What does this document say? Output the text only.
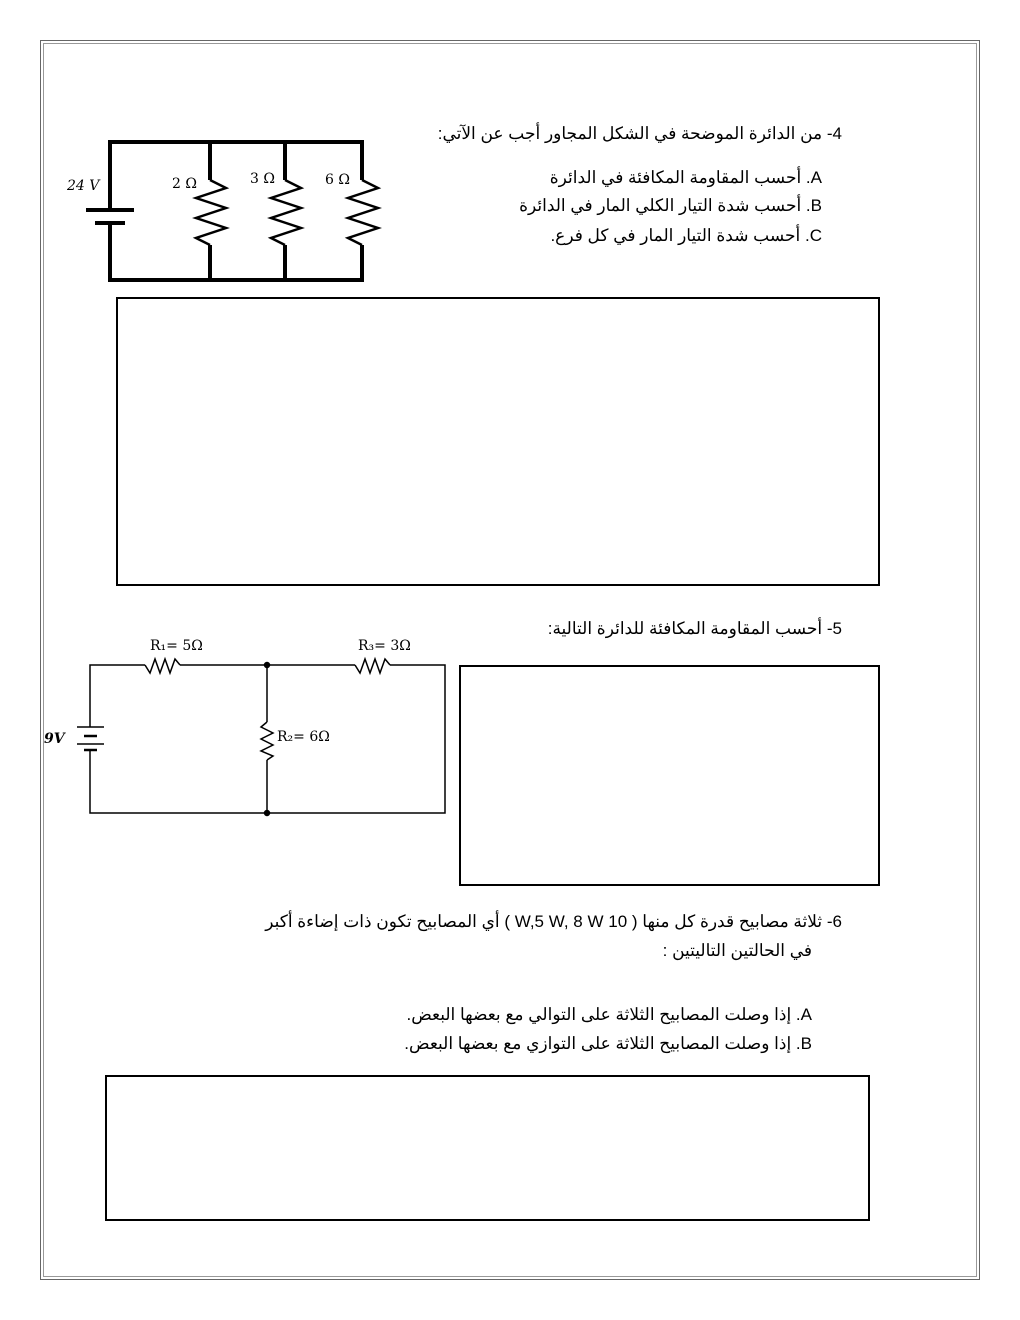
4- من الدائرة الموضحة في الشكل المجاور أجب عن الآتي:
A. أحسب المقاومة المكافئة في الدائرة
B. أحسب شدة التيار الكلي المار في الدائرة
C. أحسب شدة التيار المار في كل فرع.
24 V	2 Ω	3 Ω	6 Ω
5- أحسب المقاومة المكافئة للدائرة التالية:
R₁= 5Ω	R₃= 3Ω
R₂= 6Ω
9V
6- ثلاثة مصابيح قدرة كل منها ( 10 W,5 W, 8 W ) أي المصابيح تكون ذات إضاءة أكبر
في الحالتين التاليتين :
A. إذا وصلت المصابيح الثلاثة على التوالي مع بعضها البعض.
B. إذا وصلت المصابيح الثلاثة على التوازي مع بعضها البعض.
